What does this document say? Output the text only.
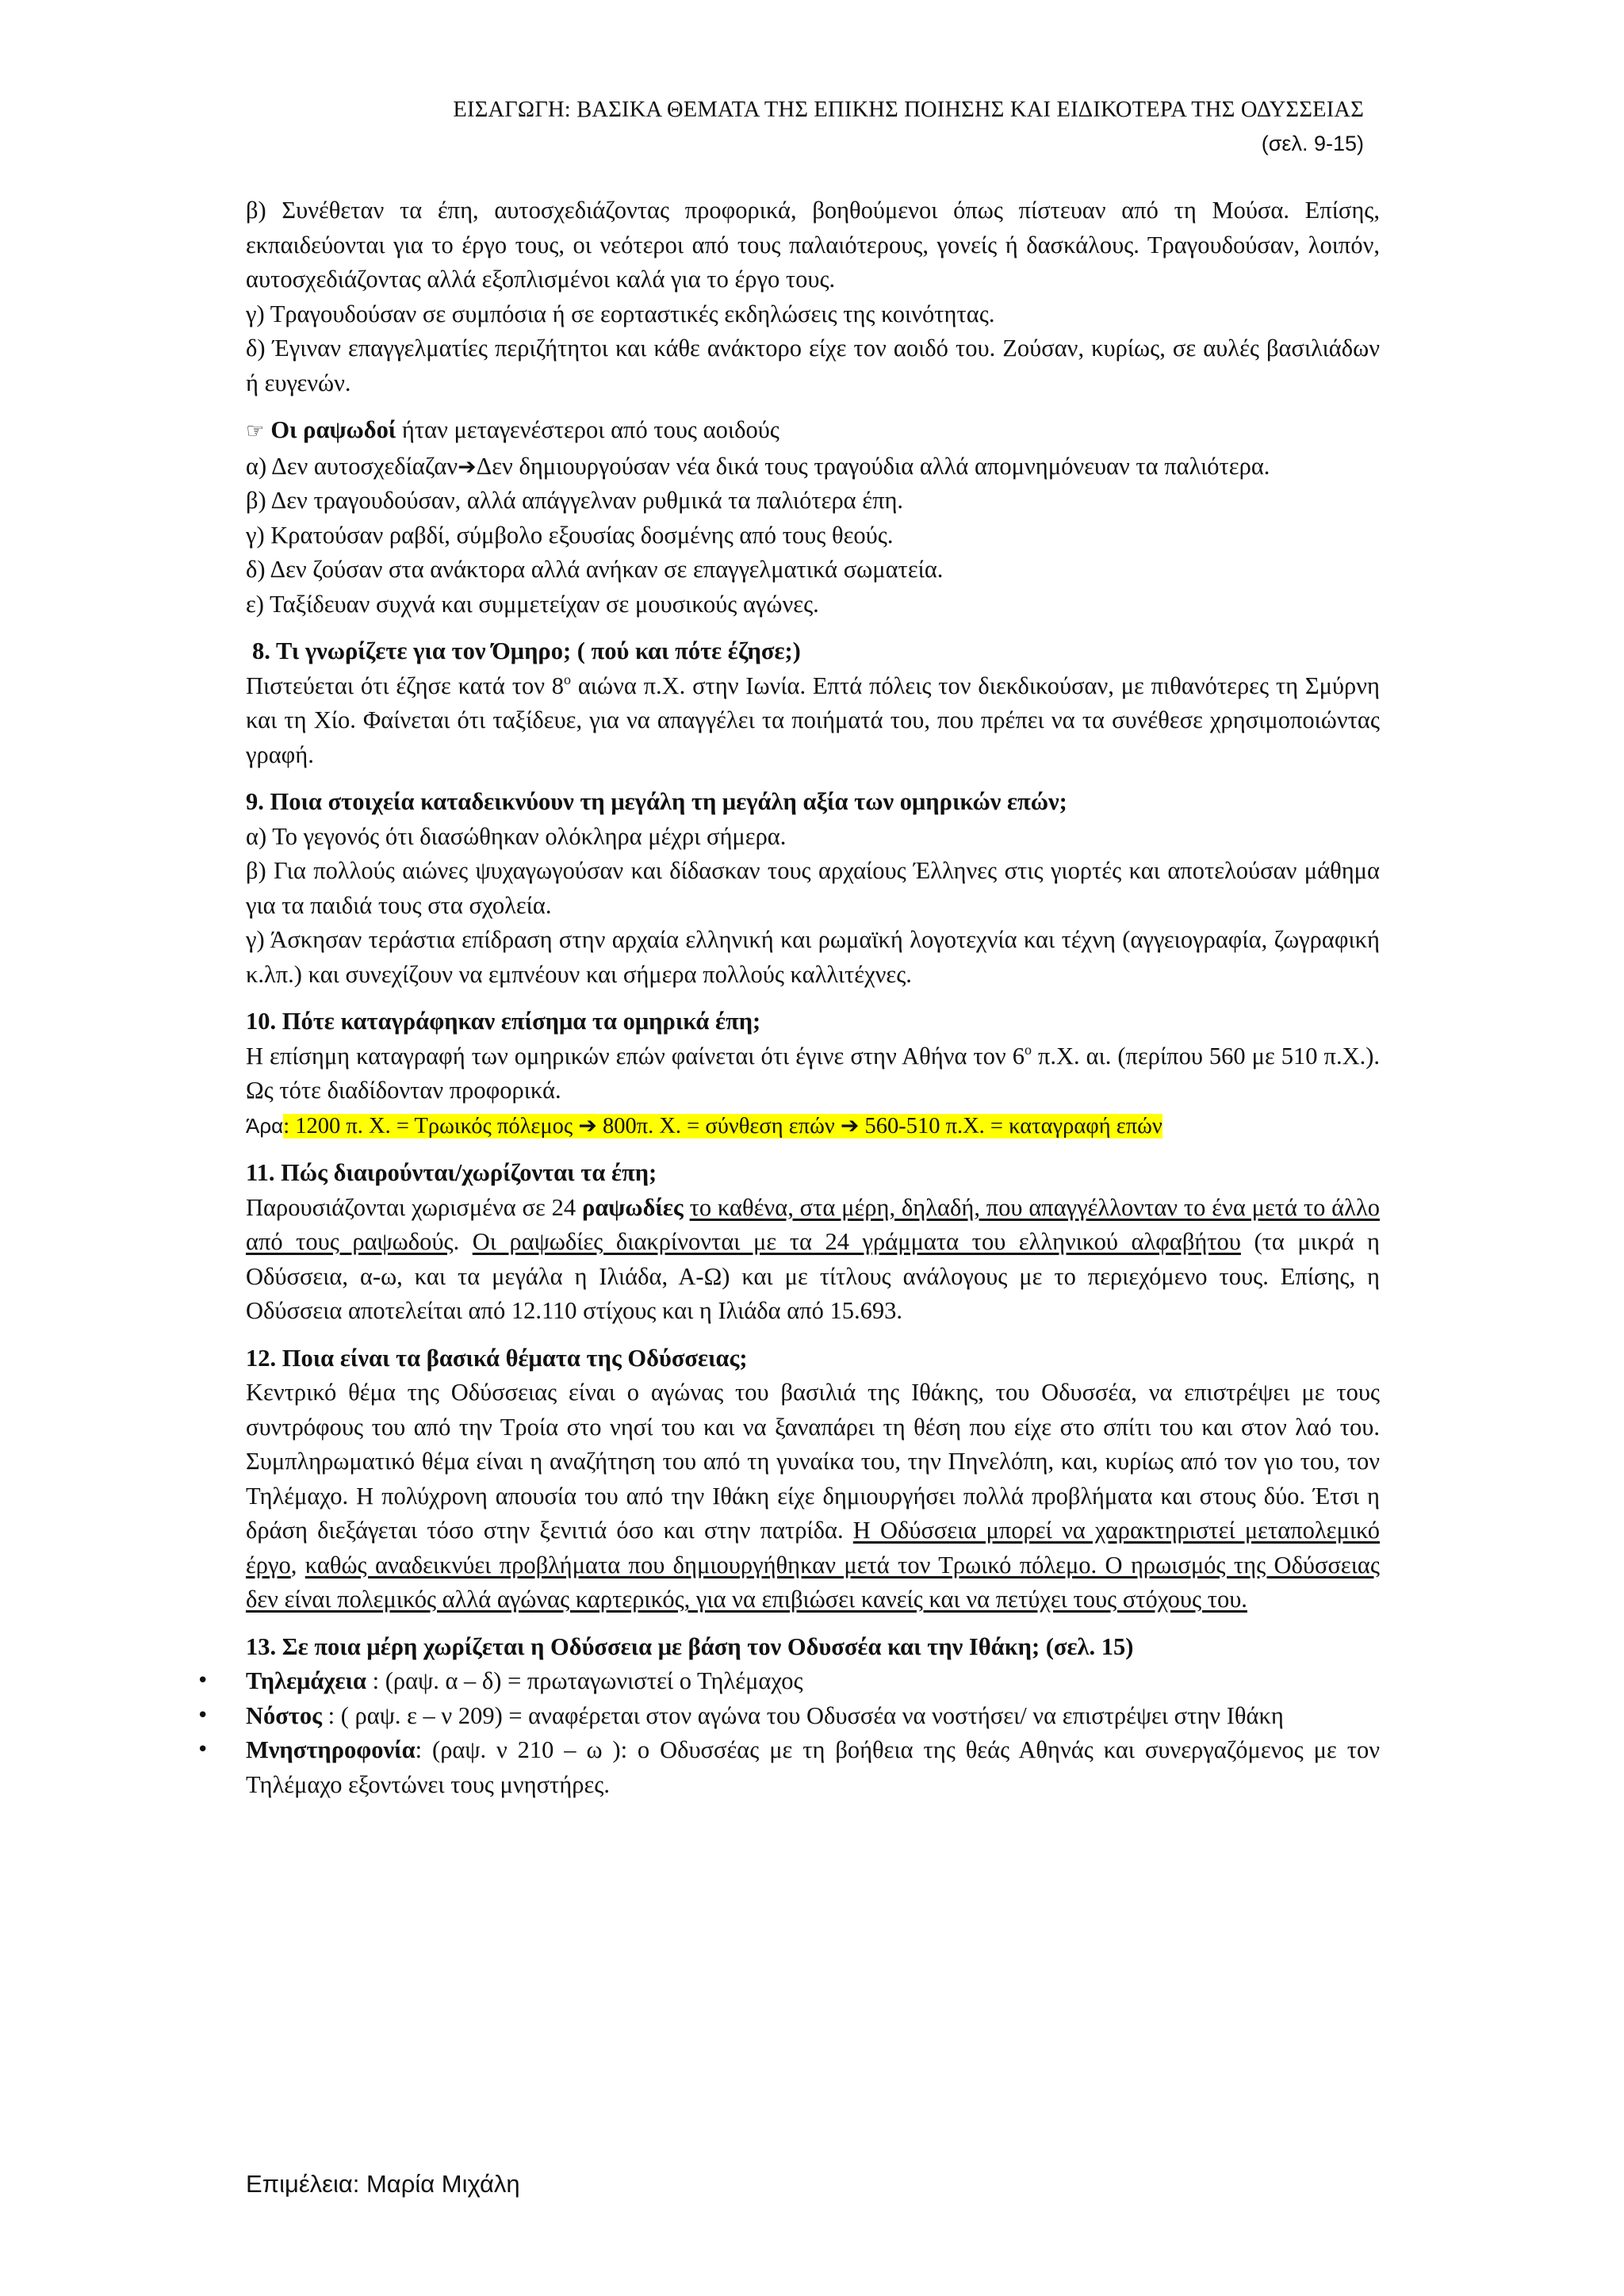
ΕΙΣΑΓΩΓΗ: ΒΑΣΙΚΑ ΘΕΜΑΤΑ ΤΗΣ ΕΠΙΚΗΣ ΠΟΙΗΣΗΣ ΚΑΙ ΕΙΔΙΚΟΤΕΡΑ ΤΗΣ ΟΔΥΣΣΕΙΑΣ
(σελ. 9-15)

β) Συνέθεταν τα έπη, αυτοσχεδιάζοντας προφορικά, βοηθούμενοι όπως πίστευαν από τη Μούσα. Επίσης, εκπαιδεύονται για το έργο τους, οι νεότεροι από τους παλαιότερους, γονείς ή δασκάλους. Τραγουδούσαν, λοιπόν, αυτοσχεδιάζοντας αλλά εξοπλισμένοι καλά για το έργο τους.

γ) Τραγουδούσαν σε συμπόσια ή σε εορταστικές εκδηλώσεις της κοινότητας.

δ) Έγιναν επαγγελματίες περιζήτητοι και κάθε ανάκτορο είχε τον αοιδό του. Ζούσαν, κυρίως, σε αυλές βασιλιάδων ή ευγενών.

☞ Οι ραψωδοί ήταν μεταγενέστεροι από τους αοιδούς

α) Δεν αυτοσχεδίαζαν➔Δεν δημιουργούσαν νέα δικά τους τραγούδια αλλά απομνημόνευαν τα παλιότερα.

β) Δεν τραγουδούσαν, αλλά απάγγελναν ρυθμικά τα παλιότερα έπη.

γ) Κρατούσαν ραβδί, σύμβολο εξουσίας δοσμένης από τους θεούς.

δ) Δεν ζούσαν στα ανάκτορα αλλά ανήκαν σε επαγγελματικά σωματεία.

ε) Ταξίδευαν συχνά και συμμετείχαν σε μουσικούς αγώνες.

8. Τι γνωρίζετε για τον Όμηρο; ( πού και πότε έζησε;)

Πιστεύεται ότι έζησε κατά τον $8^o$ αιώνα π.Χ. στην Ιωνία. Επτά πόλεις τον διεκδικούσαν, με πιθανότερες τη Σμύρνη και τη Χίο. Φαίνεται ότι ταξίδευε, για να απαγγέλει τα ποιήματά του, που πρέπει να τα συνέθεσε χρησιμοποιώντας γραφή.

9. Ποια στοιχεία καταδεικνύουν τη μεγάλη τη μεγάλη αξία των ομηρικών επών;

α) Το γεγονός ότι διασώθηκαν ολόκληρα μέχρι σήμερα.

β) Για πολλούς αιώνες ψυχαγωγούσαν και δίδασκαν τους αρχαίους Έλληνες στις γιορτές και αποτελούσαν μάθημα για τα παιδιά τους στα σχολεία.

γ) Άσκησαν τεράστια επίδραση στην αρχαία ελληνική και ρωμαϊκή λογοτεχνία και τέχνη (αγγειογραφία, ζωγραφική κ.λπ.) και συνεχίζουν να εμπνέουν και σήμερα πολλούς καλλιτέχνες.

10. Πότε καταγράφηκαν επίσημα τα ομηρικά έπη;

Η επίσημη καταγραφή των ομηρικών επών φαίνεται ότι έγινε στην Αθήνα τον $6^o$ π.Χ. αι. (περίπου 560 με 510 π.Χ.). Ως τότε διαδίδονταν προφορικά.

Άρα: 1200 π. Χ. = Τρωικός πόλεμος ➔ 800π. Χ. = σύνθεση επών ➔ 560-510 π.Χ. = καταγραφή επών

11. Πώς διαιρούνται/χωρίζονται τα έπη;

Παρουσιάζονται χωρισμένα σε 24 ραψωδίες το καθένα, στα μέρη, δηλαδή, που απαγγέλλονταν το ένα μετά το άλλο από τους ραψωδούς. Οι ραψωδίες διακρίνονται με τα 24 γράμματα του ελληνικού αλφαβήτου (τα μικρά η Οδύσσεια, α-ω, και τα μεγάλα η Ιλιάδα, Α-Ω) και με τίτλους ανάλογους με το περιεχόμενο τους. Επίσης, η Οδύσσεια αποτελείται από 12.110 στίχους και η Ιλιάδα από 15.693.

12. Ποια είναι τα βασικά θέματα της Οδύσσειας;

Κεντρικό θέμα της Οδύσσειας είναι ο αγώνας του βασιλιά της Ιθάκης, του Οδυσσέα, να επιστρέψει με τους συντρόφους του από την Τροία στο νησί του και να ξαναπάρει τη θέση που είχε στο σπίτι του και στον λαό του. Συμπληρωματικό θέμα είναι η αναζήτηση του από τη γυναίκα του, την Πηνελόπη, και, κυρίως από τον γιο του, τον Τηλέμαχο. Η πολύχρονη απουσία του από την Ιθάκη είχε δημιουργήσει πολλά προβλήματα και στους δύο. Έτσι η δράση διεξάγεται τόσο στην ξενιτιά όσο και στην πατρίδα. Η Οδύσσεια μπορεί να χαρακτηριστεί μεταπολεμικό έργο, καθώς αναδεικνύει προβλήματα που δημιουργήθηκαν μετά τον Τρωικό πόλεμο. Ο ηρωισμός της Οδύσσειας δεν είναι πολεμικός αλλά αγώνας καρτερικός, για να επιβιώσει κανείς και να πετύχει τους στόχους του.

13. Σε ποια μέρη χωρίζεται η Οδύσσεια με βάση τον Οδυσσέα και την Ιθάκη; (σελ. 15)

• Τηλεμάχεια : (ραψ. α – δ) = πρωταγωνιστεί ο Τηλέμαχος

• Νόστος : ( ραψ. ε – ν 209) = αναφέρεται στον αγώνα του Οδυσσέα να νοστήσει/ να επιστρέψει στην Ιθάκη

• Μνηστηροφονία: (ραψ. ν 210 – ω ): ο Οδυσσέας με τη βοήθεια της θεάς Αθηνάς και συνεργαζόμενος με τον Τηλέμαχο εξοντώνει τους μνηστήρες.

Επιμέλεια: Μαρία Μιχάλη
